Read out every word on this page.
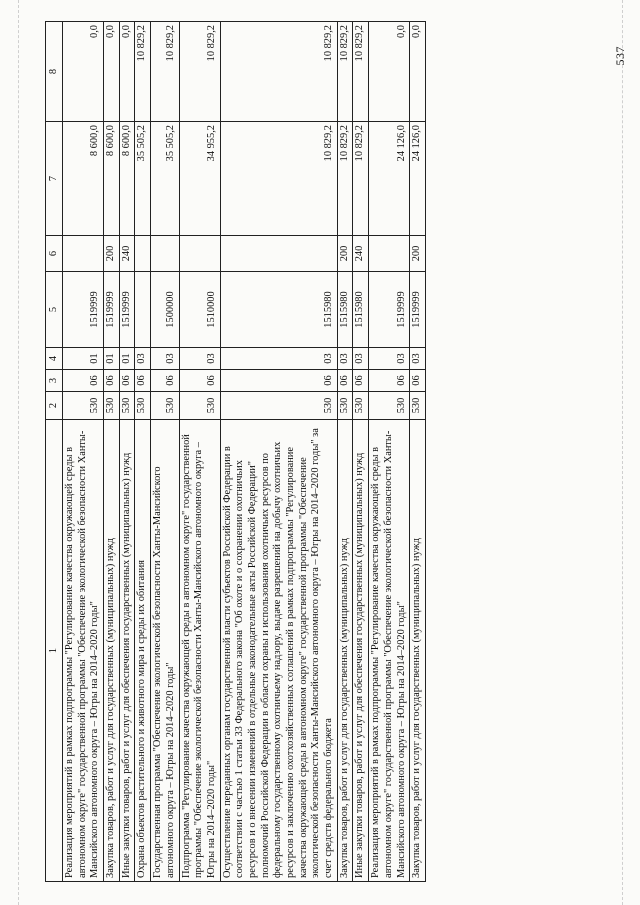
537
1	2	3	4	5	6	7	8
Реализация мероприятий в рамках подпрограммы "Регулирование качества окружающей среды в автономном округе" государственной программы "Обеспечение экологической безопасности Ханты-Мансийского автономного округа – Югры на 2014–2020 годы"	530	06	01	1519999		8 600,0	0,0
Закупка товаров, работ и услуг для государственных (муниципальных) нужд	530	06	01	1519999	200	8 600,0	0,0
Иные закупки товаров, работ и услуг для обеспечения государственных (муниципальных) нужд	530	06	01	1519999	240	8 600,0	0,0
Охрана объектов растительного и животного мира и среды их обитания	530	06	03			35 505,2	10 829,2
Государственная программа "Обеспечение экологической безопасности Ханты-Мансийского автономного округа – Югры на 2014–2020 годы"	530	06	03	1500000		35 505,2	10 829,2
Подпрограмма "Регулирование качества окружающей среды в автономном округе" государственной программы "Обеспечение экологической безопасности Ханты-Мансийского автономного округа – Югры на 2014–2020 годы"	530	06	03	1510000		34 955,2	10 829,2
Осуществление переданных органам государственной власти субъектов Российской Федерации в соответствии с частью 1 статьи 33 Федерального закона "Об охоте и о сохранении охотничьих ресурсов и о внесении изменений в отдельные законодательные акты Российской Федерации" полномочий Российской Федерации в области охраны и использования охотничьих ресурсов по федеральному государственному охотничьему надзору, выдаче разрешений на добычу охотничьих ресурсов и заключению охотхозяйственных соглашений в рамках подпрограммы "Регулирование качества окружающей среды в автономном округе" государственной программы "Обеспечение экологической безопасности Ханты-Мансийского автономного округа – Югры на 2014–2020 годы" за счет средств федерального бюджета	530	06	03	1515980		10 829,2	10 829,2
Закупка товаров, работ и услуг для государственных (муниципальных) нужд	530	06	03	1515980	200	10 829,2	10 829,2
Иные закупки товаров, работ и услуг для обеспечения государственных (муниципальных) нужд	530	06	03	1515980	240	10 829,2	10 829,2
Реализация мероприятий в рамках подпрограммы "Регулирование качества окружающей среды в автономном округе" государственной программы "Обеспечение экологической безопасности Ханты-Мансийского автономного округа – Югры на 2014–2020 годы"	530	06	03	1519999		24 126,0	0,0
Закупка товаров, работ и услуг для государственных (муниципальных) нужд	530	06	03	1519999	200	24 126,0	0,0
